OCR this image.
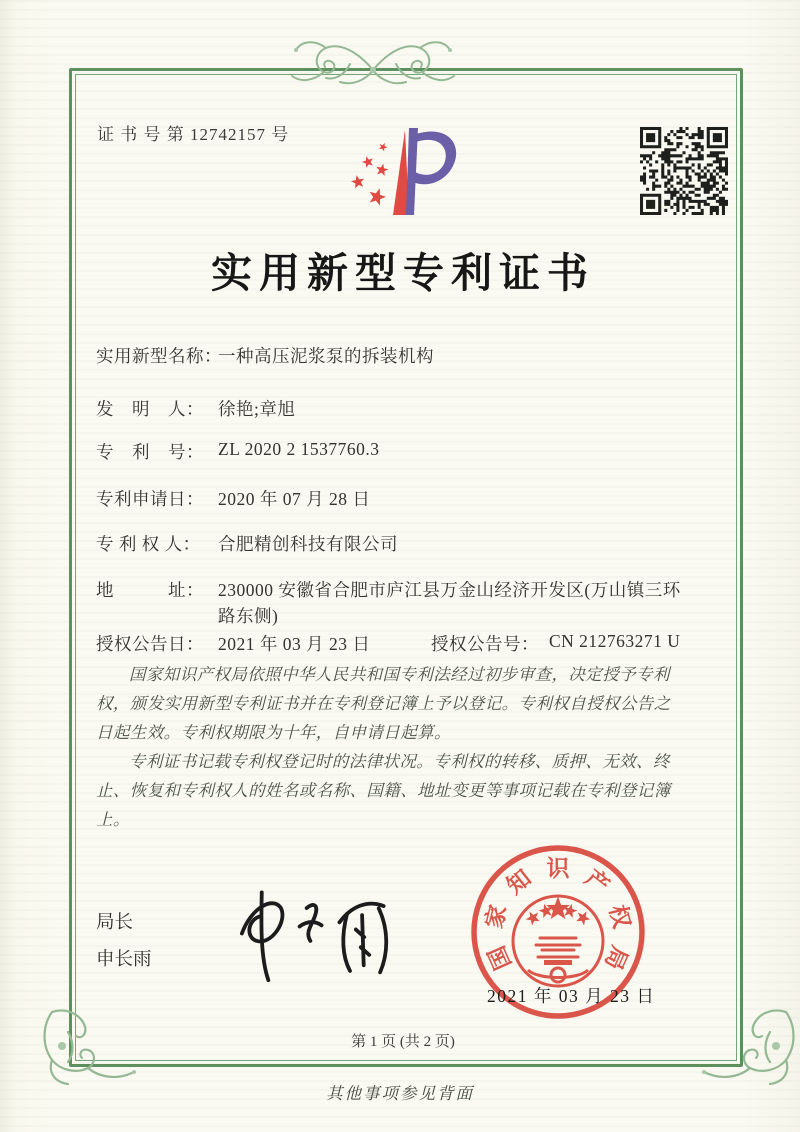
证 书 号 第 12742157 号
实用新型专利证书
实用新型名称：一种高压泥浆泵的拆装机构
发　明　人： 徐艳;章旭
专　利　号： ZL 2020 2 1537760.3
专利申请日： 2020 年 07 月 28 日
专 利 权 人： 合肥精创科技有限公司
地　　　址： 230000 安徽省合肥市庐江县万金山经济开发区(万山镇三环路东侧)
授权公告日： 2021 年 03 月 23 日	授权公告号： CN 212763271 U

国家知识产权局依照中华人民共和国专利法经过初步审查，决定授予专利权，颁发实用新型专利证书并在专利登记簿上予以登记。专利权自授权公告之日起生效。专利权期限为十年，自申请日起算。

专利证书记载专利权登记时的法律状况。专利权的转移、质押、无效、终止、恢复和专利权人的姓名或名称、国籍、地址变更等事项记载在专利登记簿上。

局长
申长雨	国
家
知 识 产
权
局
2021 年 03 月 23 日
第 1 页 (共 2 页)
其他事项参见背面
